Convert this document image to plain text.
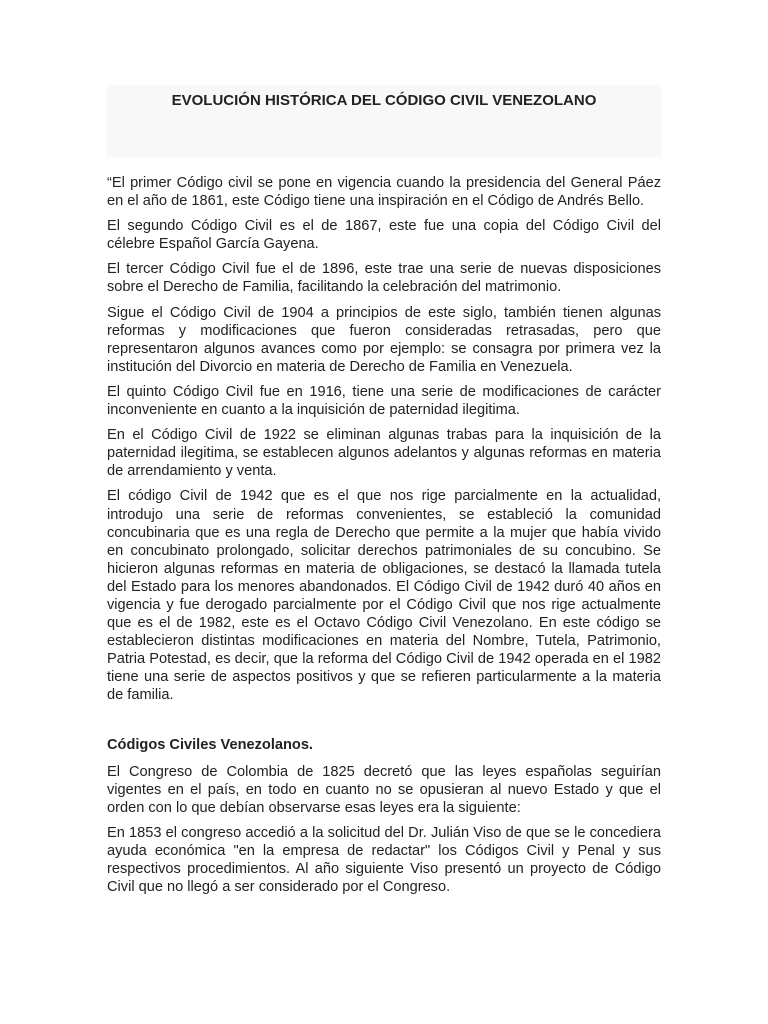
EVOLUCIÓN HISTÓRICA DEL CÓDIGO CIVIL VENEZOLANO

“El primer Código civil se pone en vigencia cuando la presidencia del General Páez en el año de 1861, este Código tiene una inspiración en el Código de Andrés Bello.

El segundo Código Civil es el de 1867, este fue una copia del Código Civil del célebre Español García Gayena.

El tercer Código Civil fue el de 1896, este trae una serie de nuevas disposiciones sobre el Derecho de Familia, facilitando la celebración del matrimonio.

Sigue el Código Civil de 1904 a principios de este siglo, también tienen algunas reformas y modificaciones que fueron consideradas retrasadas, pero que representaron algunos avances como por ejemplo: se consagra por primera vez la institución del Divorcio en materia de Derecho de Familia en Venezuela.

El quinto Código Civil fue en 1916, tiene una serie de modificaciones de carácter inconveniente en cuanto a la inquisición de paternidad ilegitima.

En el Código Civil de 1922 se eliminan algunas trabas para la inquisición de la paternidad ilegitima, se establecen algunos adelantos y algunas reformas en materia de arrendamiento y venta.

El código Civil de 1942 que es el que nos rige parcialmente en la actualidad, introdujo una serie de reformas convenientes, se estableció la comunidad concubinaria que es una regla de Derecho que permite a la mujer que había vivido en concubinato prolongado, solicitar derechos patrimoniales de su concubino. Se hicieron algunas reformas en materia de obligaciones, se destacó la llamada tutela del Estado para los menores abandonados. El Código Civil de 1942 duró 40 años en vigencia y fue derogado parcialmente por el Código Civil que nos rige actualmente que es el de 1982, este es el Octavo Código Civil Venezolano. En este código se establecieron distintas modificaciones en materia del Nombre, Tutela, Patrimonio, Patria Potestad, es decir, que la reforma del Código Civil de 1942 operada en el 1982 tiene una serie de aspectos positivos y que se refieren particularmente a la materia de familia.

Códigos Civiles Venezolanos.

El Congreso de Colombia de 1825 decretó que las leyes españolas seguirían vigentes en el país, en todo en cuanto no se opusieran al nuevo Estado y que el orden con lo que debían observarse esas leyes era la siguiente:

En 1853 el congreso accedió a la solicitud del Dr. Julián Viso de que se le concediera ayuda económica "en la empresa de redactar" los Códigos Civil y Penal y sus respectivos procedimientos. Al año siguiente Viso presentó un proyecto de Código Civil que no llegó a ser considerado por el Congreso.
